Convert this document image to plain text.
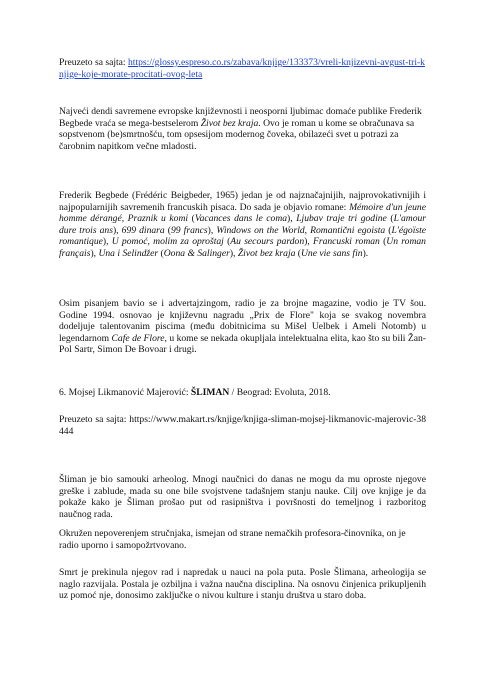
Preuzeto sa sajta: https://glossy.espreso.co.rs/zabava/knjige/133373/vreli-knjizevni-avgust-tri-knjige-koje-morate-procitati-ovog-leta

Najveći dendi savremene evropske književnosti i neosporni ljubimac domaće publike Frederik Begbede vraća se mega-bestselerom Život bez kraja. Ovo je roman u kome se obračunava sa sopstvenom (be)smrtnošću, tom opsesijom modernog čoveka, obilazeći svet u potrazi za čarobnim napitkom večne mladosti.

Frederik Begbede (Frédéric Beigbeder, 1965) jedan je od najznačajnijih, najprovokativnijih i najpopularnijih savremenih francuskih pisaca. Do sada je objavio romane: Mémoire d'un jeune homme dérangé, Praznik u komi (Vacances dans le coma), Ljubav traje tri godine (L'amour dure trois ans), 699 dinara (99 francs), Windows on the World, Romantični egoista (L'égoïste romantique), U pomoć, molim za oproštaj (Au secours pardon), Francuski roman (Un roman français), Una i Selindžer (Oona & Salinger), Život bez kraja (Une vie sans fin).

Osim pisanjem bavio se i advertajzingom, radio je za brojne magazine, vodio je TV šou. Godine 1994. osnovao je književnu nagradu „Prix de Flore" koja se svakog novembra dodeljuje talentovanim piscima (među dobitnicima su Mišel Uelbek i Ameli Notomb) u legendarnom Cafe de Flore, u kome se nekada okupljala intelektualna elita, kao što su bili Žan-Pol Sartr, Simon De Bovoar i drugi.

6. Mojsej Likmanović Majerović: ŠLIMAN / Beograd: Evoluta, 2018.

Preuzeto sa sajta: https://www.makart.rs/knjige/knjiga-sliman-mojsej-likmanovic-majerovic-38444

Šliman je bio samouki arheolog. Mnogi naučnici do danas ne mogu da mu oproste njegove greške i zablude, mada su one bile svojstvene tadašnjem stanju nauke. Cilj ove knjige je da pokaže kako je Šliman prošao put od rasipništva i površnosti do temeljnog i razboritog naučnog rada.

Okružen nepoverenjem stručnjaka, ismejan od strane nemačkih profesora-činovnika, on je radio uporno i samopožrtvovano.

Smrt je prekinula njegov rad i napredak u nauci na pola puta. Posle Šlimana, arheologija se naglo razvijala. Postala je ozbiljna i važna naučna disciplina. Na osnovu činjenica prikupljenih uz pomoć nje, donosimo zaključke o nivou kulture i stanju društva u staro doba.
